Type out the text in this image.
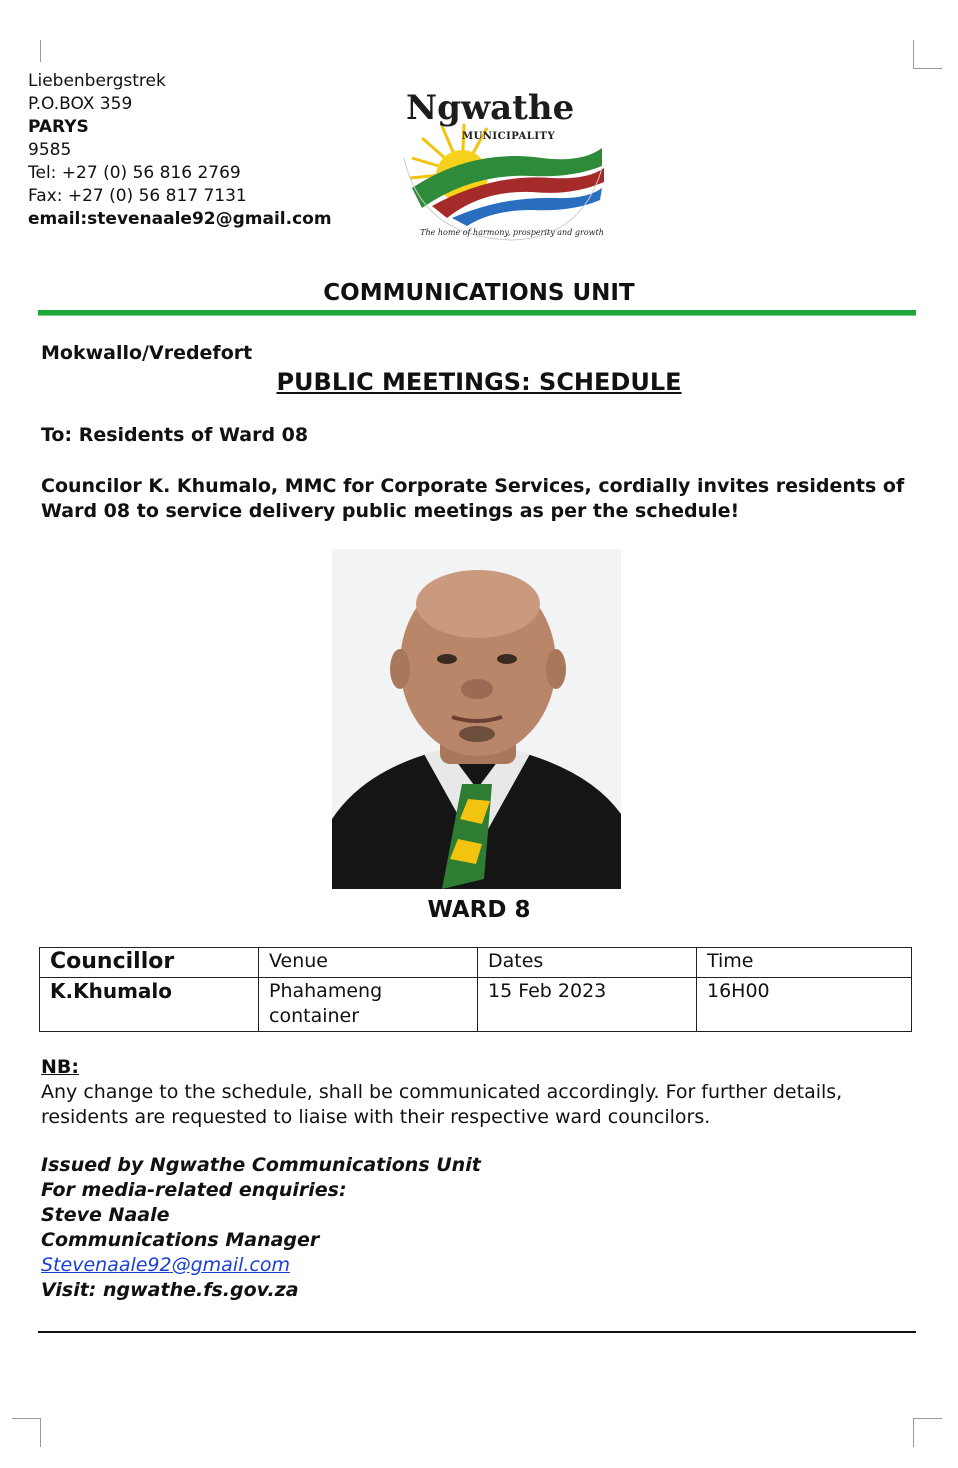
Liebenbergstrek
P.O.BOX 359
PARYS
9585
Tel: +27 (0) 56 816 2769
Fax: +27 (0) 56 817 7131
email:stevenaale92@gmail.com
Ngwathe
MUNICIPALITY
The home of harmony, prosperity and growth
COMMUNICATIONS UNIT
Mokwallo/Vredefort
PUBLIC MEETINGS: SCHEDULE
To: Residents of Ward 08
Councilor K. Khumalo, MMC for Corporate Services, cordially invites residents of Ward 08 to service delivery public meetings as per the schedule!
WARD 8
Councillor	Venue	Dates	Time
K.Khumalo	Phahameng container	15 Feb 2023	16H00
NB:
Any change to the schedule, shall be communicated accordingly. For further details, residents are requested to liaise with their respective ward councilors.
Issued by Ngwathe Communications Unit
For media-related enquiries:
Steve Naale
Communications Manager
Stevenaale92@gmail.com
Visit: ngwathe.fs.gov.za
